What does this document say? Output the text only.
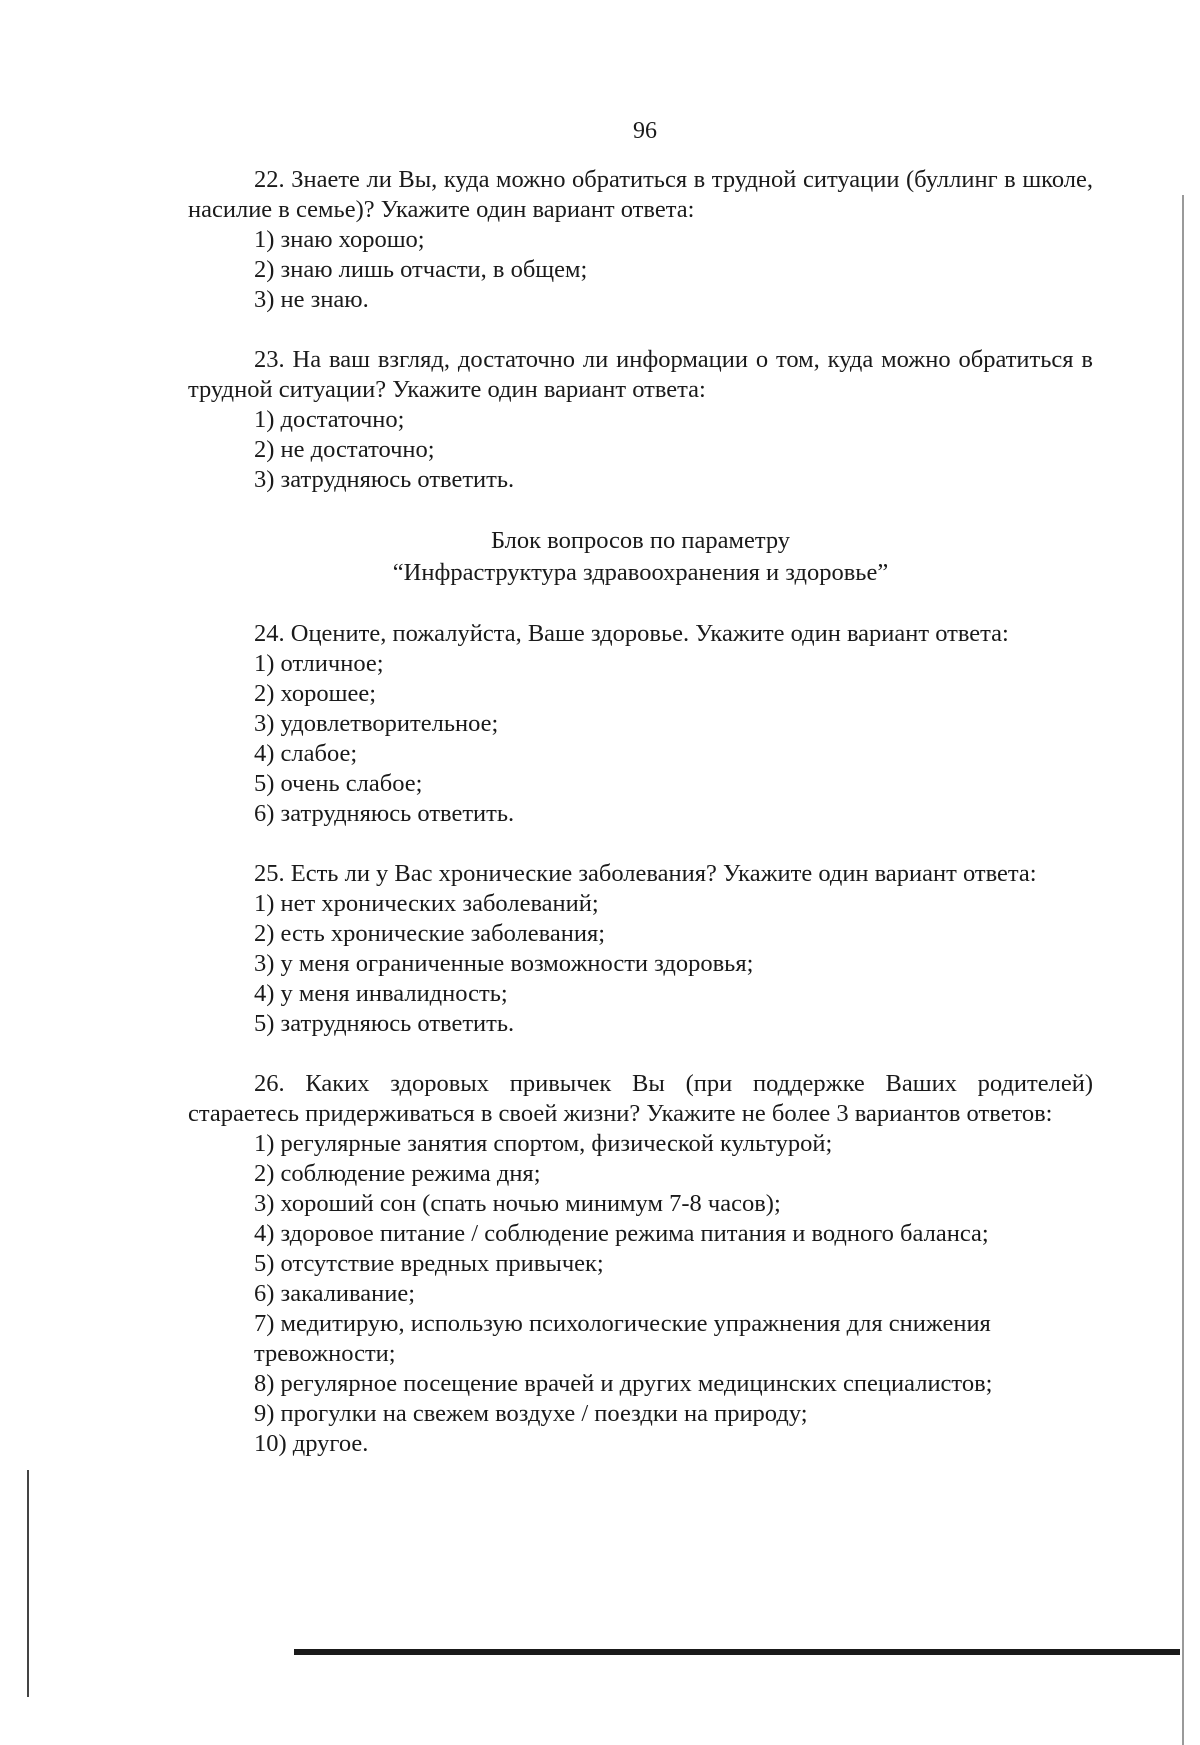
96

22. Знаете ли Вы, куда можно обратиться в трудной ситуации (буллинг в школе, насилие в семье)? Укажите один вариант ответа:

1) знаю хорошо;
2) знаю лишь отчасти, в общем;
3) не знаю.

23. На ваш взгляд, достаточно ли информации о том, куда можно обратиться в трудной ситуации? Укажите один вариант ответа:

1) достаточно;
2) не достаточно;
3) затрудняюсь ответить.
Блок вопросов по параметру
“Инфраструктура здравоохранения и здоровье”

24. Оцените, пожалуйста, Ваше здоровье. Укажите один вариант ответа:

1) отличное;
2) хорошее;
3) удовлетворительное;
4) слабое;
5) очень слабое;
6) затрудняюсь ответить.

25. Есть ли у Вас хронические заболевания? Укажите один вариант ответа:

1) нет хронических заболеваний;
2) есть хронические заболевания;
3) у меня ограниченные возможности здоровья;
4) у меня инвалидность;
5) затрудняюсь ответить.

26. Каких здоровых привычек Вы (при поддержке Ваших родителей) стараетесь придерживаться в своей жизни? Укажите не более 3 вариантов ответов:

1) регулярные занятия спортом, физической культурой;
2) соблюдение режима дня;
3) хороший сон (спать ночью минимум 7-8 часов);
4) здоровое питание / соблюдение режима питания и водного баланса;
5) отсутствие вредных привычек;
6) закаливание;
7) медитирую, использую психологические упражнения для снижения тревожности;
8) регулярное посещение врачей и других медицинских специалистов;
9) прогулки на свежем воздухе / поездки на природу;
10) другое.
